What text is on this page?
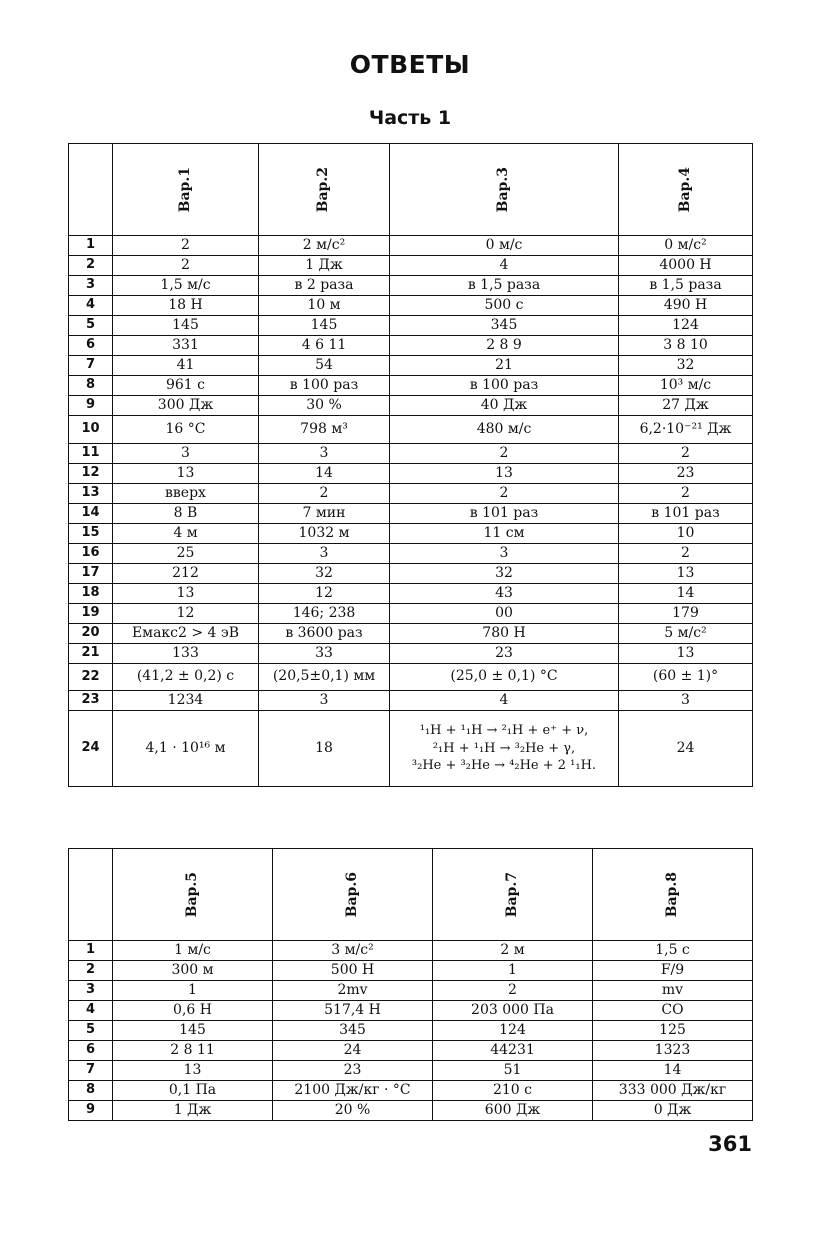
ОТВЕТЫ
Часть 1
	Вар.1	Вар.2	Вар.3	Вар.4
1	2	2 м/с²	0 м/с	0 м/с²
2	2	1 Дж	4	4000 Н
3	1,5 м/с	в 2 раза	в 1,5 раза	в 1,5 раза
4	18 Н	10 м	500 с	490 Н
5	145	145	345	124
6	331	4 6 11	2 8 9	3 8 10
7	41	54	21	32
8	961 с	в 100 раз	в 100 раз	10³ м/с
9	300 Дж	30 %	40 Дж	27 Дж
10	16 °С	798 м³	480 м/с	6,2·10⁻²¹ Дж
11	3	3	2	2
12	13	14	13	23
13	вверх	2	2	2
14	8 В	7 мин	в 101 раз	в 101 раз
15	4 м	1032 м	11 см	10
16	25	3	3	2
17	212	32	32	13
18	13	12	43	14
19	12	146; 238	00	179
20	Eмакс2 > 4 эВ	в 3600 раз	780 Н	5 м/с²
21	133	33	23	13
22	(41,2 ± 0,2) с	(20,5±0,1) мм	(25,0 ± 0,1) °С	(60 ± 1)°
23	1234	3	4	3
24	4,1 · 10¹⁶ м	18	¹₁H + ¹₁H → ²₁H + e⁺ + ν,
²₁H + ¹₁H → ³₂He + γ,
³₂He + ³₂He → ⁴₂He + 2 ¹₁H.	24
	Вар.5	Вар.6	Вар.7	Вар.8
1	1 м/с	3 м/с²	2 м	1,5 с
2	300 м	500 Н	1	F/9
3	1	2mv	2	mv
4	0,6 Н	517,4 Н	203 000 Па	СО
5	145	345	124	125
6	2 8 11	24	44231	1323
7	13	23	51	14
8	0,1 Па	2100 Дж/кг · °С	210 с	333 000 Дж/кг
9	1 Дж	20 %	600 Дж	0 Дж
361
